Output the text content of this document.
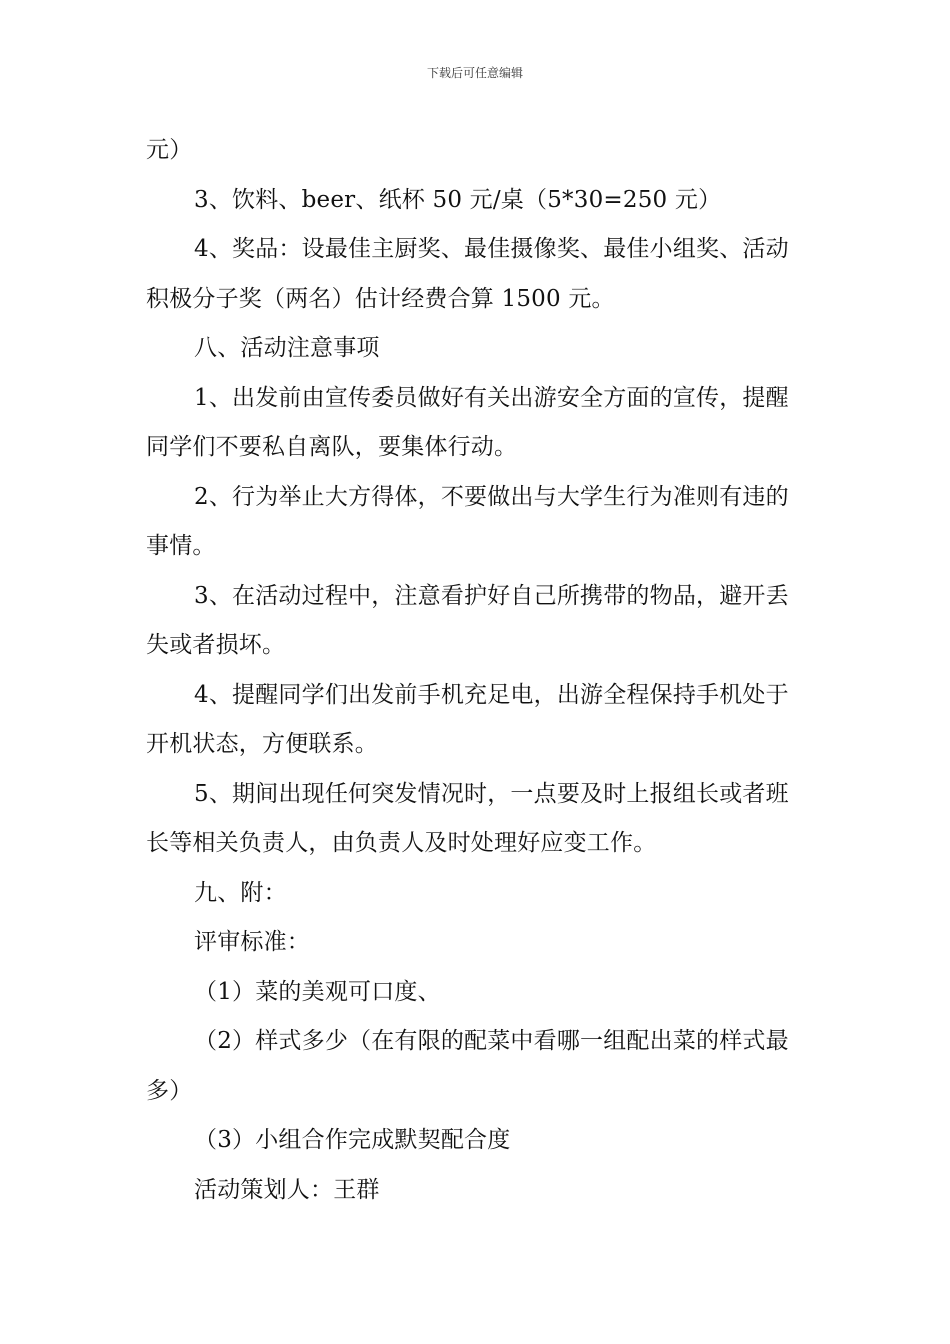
下载后可任意编辑

元）

3、饮料、beer、纸杯 50 元/桌（5*30=250 元）

4、奖品：设最佳主厨奖、最佳摄像奖、最佳小组奖、活动积极分子奖（两名）估计经费合算 1500 元。

八、活动注意事项

1、出发前由宣传委员做好有关出游安全方面的宣传，提醒同学们不要私自离队，要集体行动。

2、行为举止大方得体，不要做出与大学生行为准则有违的事情。

3、在活动过程中，注意看护好自己所携带的物品，避开丢失或者损坏。

4、提醒同学们出发前手机充足电，出游全程保持手机处于开机状态，方便联系。

5、期间出现任何突发情况时，一点要及时上报组长或者班长等相关负责人，由负责人及时处理好应变工作。

九、附：

评审标准：

（1）菜的美观可口度、

（2）样式多少（在有限的配菜中看哪一组配出菜的样式最多）

（3）小组合作完成默契配合度

活动策划人：王群
